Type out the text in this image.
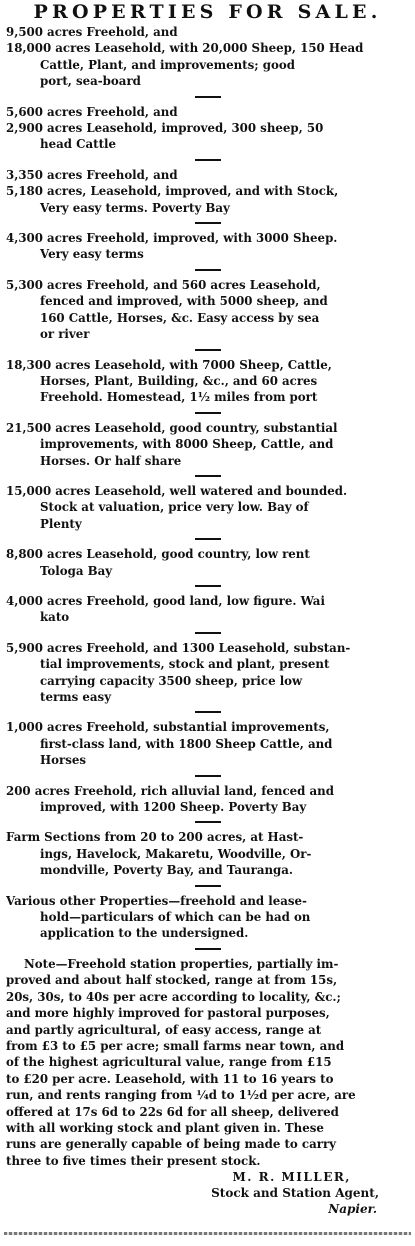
PROPERTIES FOR SALE.
9,500 acres Freehold, and
18,000 acres Leasehold, with 20,000 Sheep, 150 Head
Cattle, Plant, and improvements; good
port, sea-board
5,600 acres Freehold, and
2,900 acres Leasehold, improved, 300 sheep, 50
head Cattle
3,350 acres Freehold, and
5,180 acres, Leasehold, improved, and with Stock,
Very easy terms. Poverty Bay
4,300 acres Freehold, improved, with 3000 Sheep.
Very easy terms
5,300 acres Freehold, and 560 acres Leasehold,
fenced and improved, with 5000 sheep, and
160 Cattle, Horses, &c. Easy access by sea
or river
18,300 acres Leasehold, with 7000 Sheep, Cattle,
Horses, Plant, Building, &c., and 60 acres
Freehold. Homestead, 1½ miles from port
21,500 acres Leasehold, good country, substantial
improvements, with 8000 Sheep, Cattle, and
Horses. Or half share
15,000 acres Leasehold, well watered and bounded.
Stock at valuation, price very low. Bay of
Plenty
8,800 acres Leasehold, good country, low rent
Tologa Bay
4,000 acres Freehold, good land, low figure. Wai
kato
5,900 acres Freehold, and 1300 Leasehold, substan-
tial improvements, stock and plant, present
carrying capacity 3500 sheep, price low
terms easy
1,000 acres Freehold, substantial improvements,
first-class land, with 1800 Sheep Cattle, and
Horses
200 acres Freehold, rich alluvial land, fenced and
improved, with 1200 Sheep. Poverty Bay
Farm Sections from 20 to 200 acres, at Hast-
ings, Havelock, Makaretu, Woodville, Or-
mondville, Poverty Bay, and Tauranga.
Various other Properties—freehold and lease-
hold—particulars of which can be had on
application to the undersigned.
Note—Freehold station properties, partially im-
proved and about half stocked, range at from 15s,
20s, 30s, to 40s per acre according to locality, &c.;
and more highly improved for pastoral purposes,
and partly agricultural, of easy access, range at
from £3 to £5 per acre; small farms near town, and
of the highest agricultural value, range from £15
to £20 per acre. Leasehold, with 11 to 16 years to
run, and rents ranging from ¼d to 1½d per acre, are
offered at 17s 6d to 22s 6d for all sheep, delivered
with all working stock and plant given in. These
runs are generally capable of being made to carry
three to five times their present stock.
M. R. MILLER,
Stock and Station Agent,
Napier.
